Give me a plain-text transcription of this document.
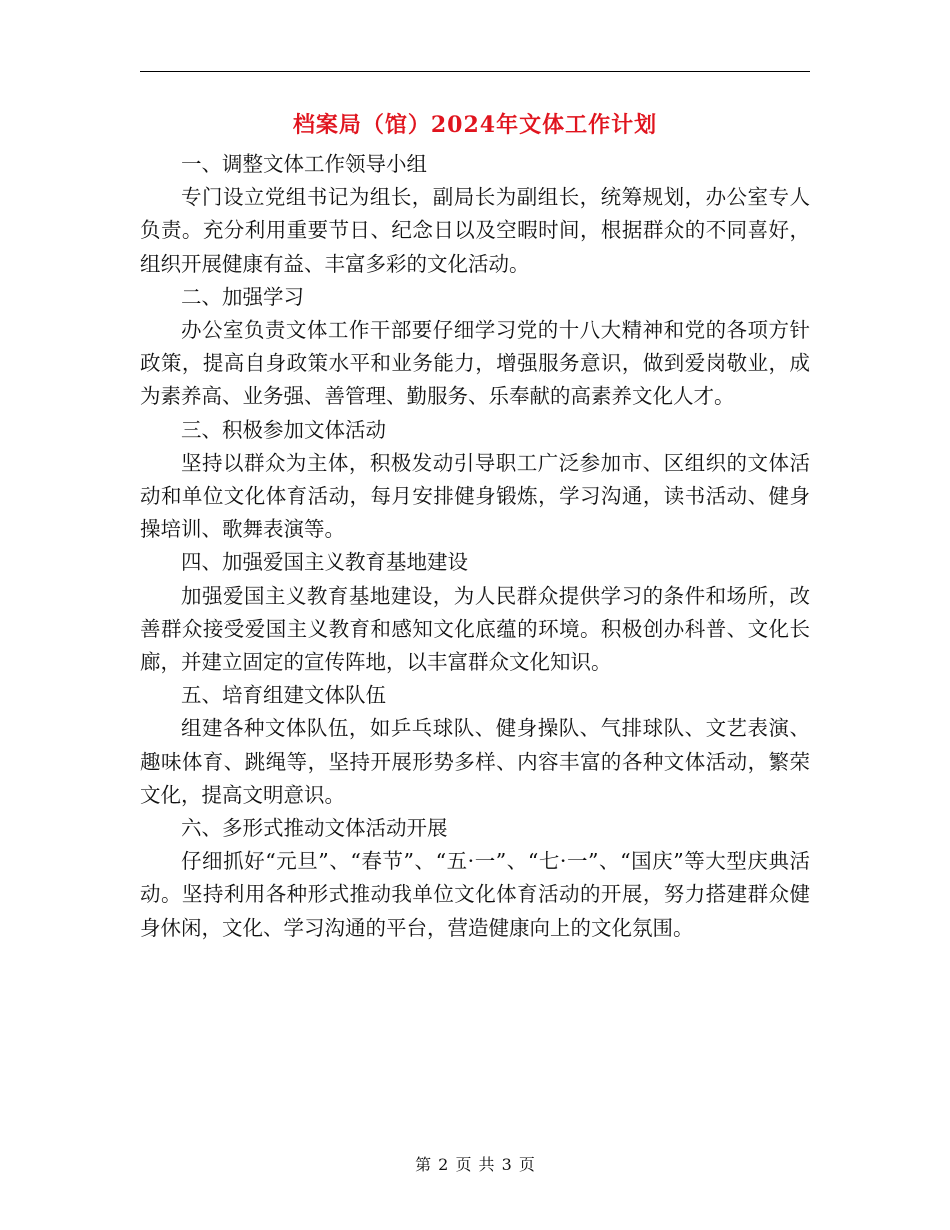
档案局（馆）2024年文体工作计划

一、调整文体工作领导小组

专门设立党组书记为组长，副局长为副组长，统筹规划，办公室专人负责。充分利用重要节日、纪念日以及空暇时间，根据群众的不同喜好，组织开展健康有益、丰富多彩的文化活动。

二、加强学习

办公室负责文体工作干部要仔细学习党的十八大精神和党的各项方针政策，提高自身政策水平和业务能力，增强服务意识，做到爱岗敬业，成为素养高、业务强、善管理、勤服务、乐奉献的高素养文化人才。

三、积极参加文体活动

坚持以群众为主体，积极发动引导职工广泛参加市、区组织的文体活动和单位文化体育活动，每月安排健身锻炼，学习沟通，读书活动、健身操培训、歌舞表演等。

四、加强爱国主义教育基地建设

加强爱国主义教育基地建设，为人民群众提供学习的条件和场所，改善群众接受爱国主义教育和感知文化底蕴的环境。积极创办科普、文化长廊，并建立固定的宣传阵地，以丰富群众文化知识。

五、培育组建文体队伍

组建各种文体队伍，如乒乓球队、健身操队、气排球队、文艺表演、趣味体育、跳绳等，坚持开展形势多样、内容丰富的各种文体活动，繁荣文化，提高文明意识。

六、多形式推动文体活动开展

仔细抓好“元旦”、“春节”、“五·一”、“七·一”、“国庆”等大型庆典活动。坚持利用各种形式推动我单位文化体育活动的开展，努力搭建群众健身休闲，文化、学习沟通的平台，营造健康向上的文化氛围。

第 2 页 共 3 页
